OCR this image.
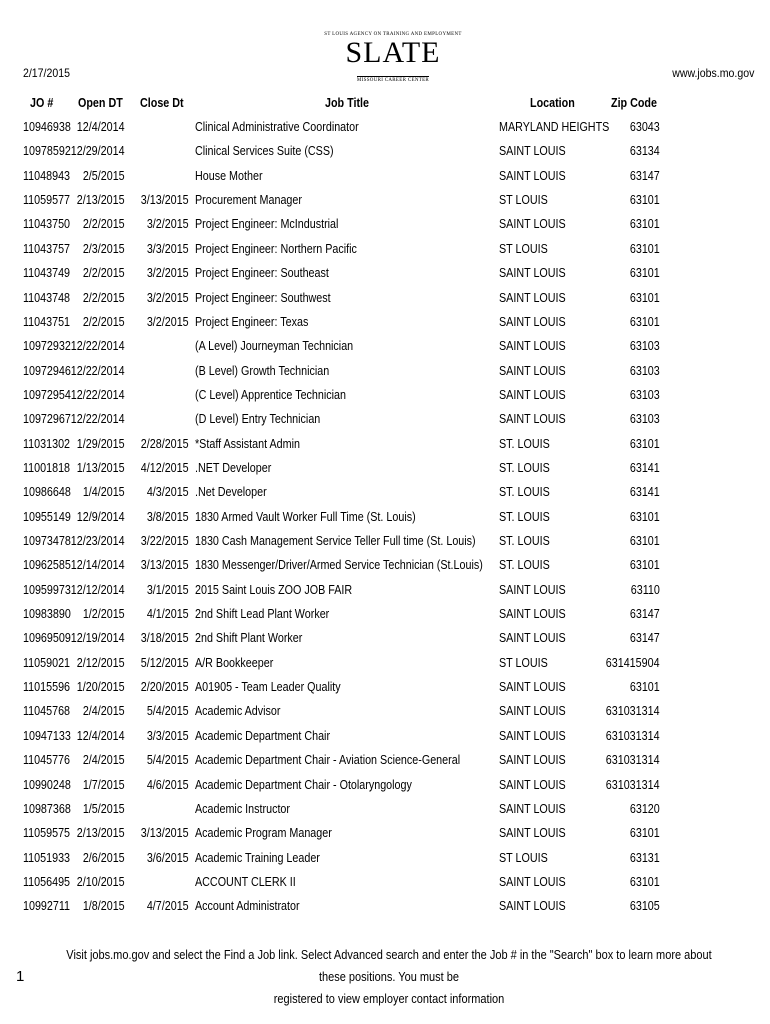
ST LOUIS AGENCY ON TRAINING AND EMPLOYMENT
SLATE
MISSOURI CAREER CENTER
2/17/2015	www.jobs.mo.gov
JO # Open DT Close Dt	Job Title	Location	Zip Code
10946938 12/4/2014	Clinical Administrative Coordinator	MARYLAND HEIGHTS 63043
10978592 12/29/2014	Clinical Services Suite (CSS)	SAINT LOUIS	63134
11048943 2/5/2015	House Mother	SAINT LOUIS	63147
11059577 2/13/2015 3/13/2015 Procurement Manager	ST LOUIS	63101
11043750 2/2/2015 3/2/2015 Project Engineer: McIndustrial	SAINT LOUIS	63101
11043757 2/3/2015 3/3/2015 Project Engineer: Northern Pacific	ST LOUIS	63101
11043749 2/2/2015 3/2/2015 Project Engineer: Southeast	SAINT LOUIS	63101
11043748 2/2/2015 3/2/2015 Project Engineer: Southwest	SAINT LOUIS	63101
11043751 2/2/2015 3/2/2015 Project Engineer: Texas	SAINT LOUIS	63101
10972932 12/22/2014	(A Level) Journeyman Technician	SAINT LOUIS	63103
10972946 12/22/2014	(B Level) Growth Technician	SAINT LOUIS	63103
10972954 12/22/2014	(C Level) Apprentice Technician	SAINT LOUIS	63103
10972967 12/22/2014	(D Level) Entry Technician	SAINT LOUIS	63103
11031302 1/29/2015 2/28/2015 *Staff Assistant Admin	ST. LOUIS	63101
11001818 1/13/2015 4/12/2015 .NET Developer	ST. LOUIS	63141
10986648 1/4/2015 4/3/2015 .Net Developer	ST. LOUIS	63141
10955149 12/9/2014 3/8/2015 1830 Armed Vault Worker Full Time (St. Louis)	ST. LOUIS	63101
10973478 12/23/2014 3/22/2015 1830 Cash Management Service Teller Full time (St. Louis) ST. LOUIS	63101
10962585 12/14/2014 3/13/2015 1830 Messenger/Driver/Armed Service Technician (St.Louis) ST. LOUIS	63101
10959973 12/12/2014 3/1/2015 2015 Saint Louis ZOO JOB FAIR	SAINT LOUIS	63110
10983890 1/2/2015 4/1/2015 2nd Shift Lead Plant Worker	SAINT LOUIS	63147
10969509 12/19/2014 3/18/2015 2nd Shift Plant Worker	SAINT LOUIS	63147
11059021 2/12/2015 5/12/2015 A/R Bookkeeper	ST LOUIS	631415904
11015596 1/20/2015 2/20/2015 A01905 - Team Leader Quality	SAINT LOUIS	63101
11045768 2/4/2015 5/4/2015 Academic Advisor	SAINT LOUIS	631031314
10947133 12/4/2014 3/3/2015 Academic Department Chair	SAINT LOUIS	631031314
11045776 2/4/2015 5/4/2015 Academic Department Chair - Aviation Science-General	SAINT LOUIS	631031314
10990248 1/7/2015 4/6/2015 Academic Department Chair - Otolaryngology	SAINT LOUIS	631031314
10987368 1/5/2015	Academic Instructor	SAINT LOUIS	63120
11059575 2/13/2015 3/13/2015 Academic Program Manager	SAINT LOUIS	63101
11051933 2/6/2015 3/6/2015 Academic Training Leader	ST LOUIS	63131
11056495 2/10/2015	ACCOUNT CLERK II	SAINT LOUIS	63101
10992711 1/8/2015 4/7/2015 Account Administrator	SAINT LOUIS	63105
Visit jobs.mo.gov and select the Find a Job link. Select Advanced search and enter the Job # in the "Search" box to learn more about these positions. You must be
registered to view employer contact information
1
